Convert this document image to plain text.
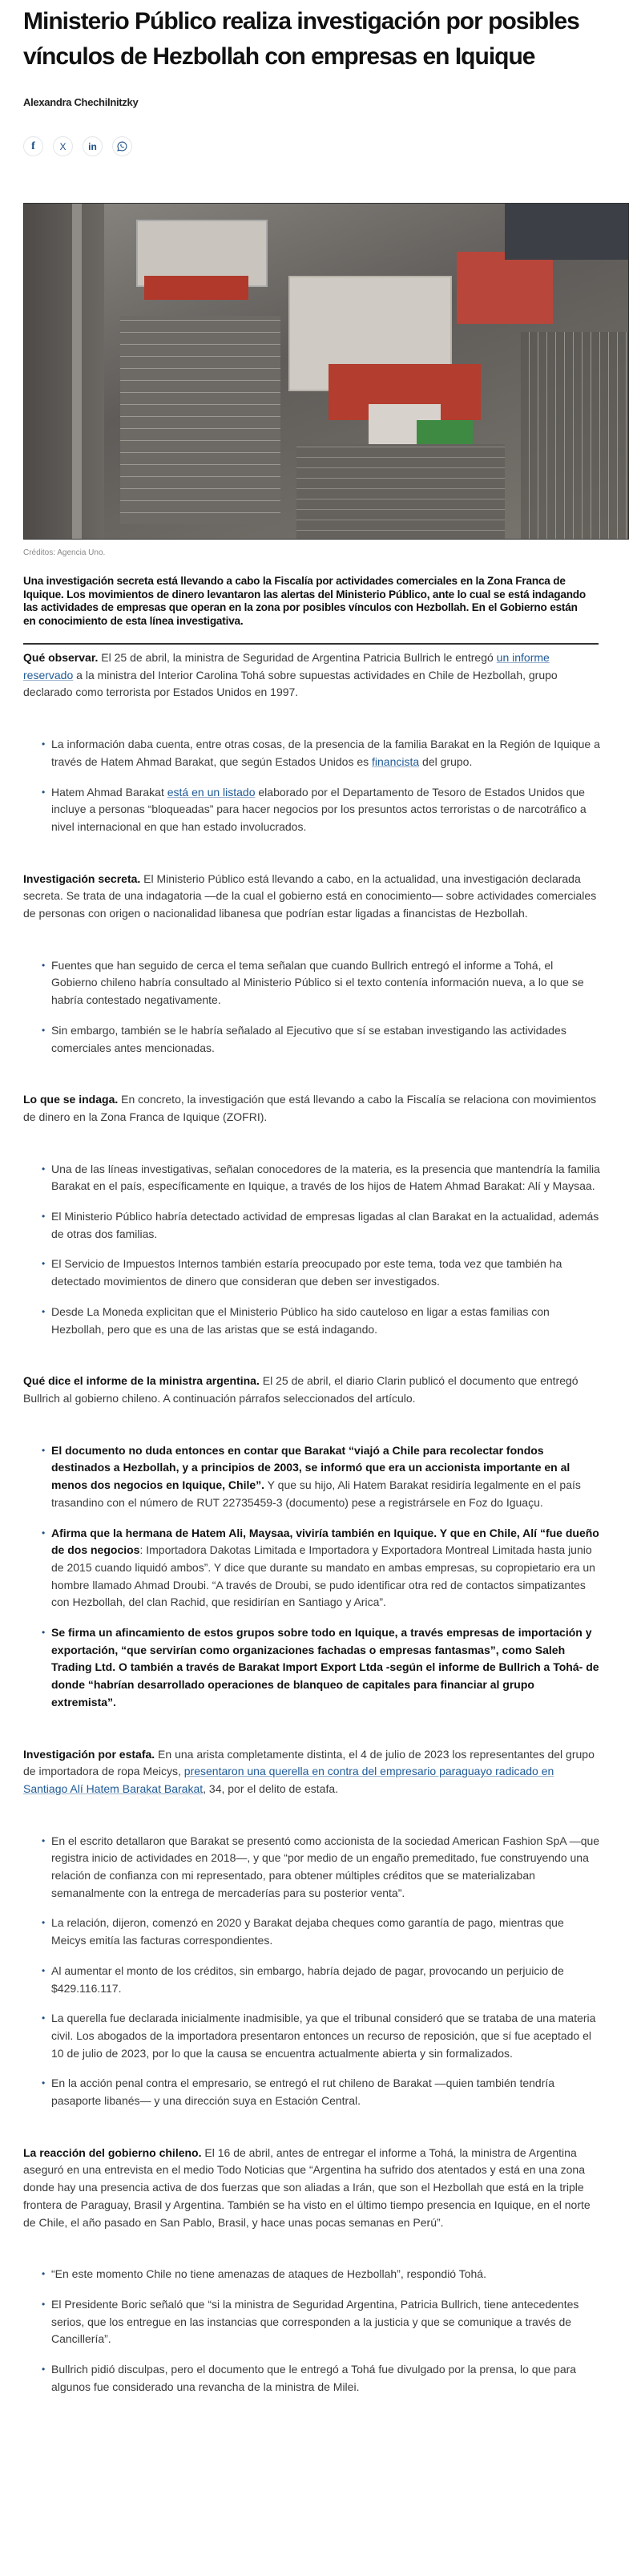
Ministerio Público realiza investigación por posibles vínculos de Hezbollah con empresas en Iquique
Alexandra Chechilnitzky
f	X in
Créditos: Agencia Uno.
Una investigación secreta está llevando a cabo la Fiscalía por actividades comerciales en la Zona Franca de Iquique. Los movimientos de dinero levantaron las alertas del Ministerio Público, ante lo cual se está indagando las actividades de empresas que operan en la zona por posibles vínculos con Hezbollah. En el Gobierno están en conocimiento de esta línea investigativa.

Qué observar. El 25 de abril, la ministra de Seguridad de Argentina Patricia Bullrich le entregó un informe reservado a la ministra del Interior Carolina Tohá sobre supuestas actividades en Chile de Hezbollah, grupo declarado como terrorista por Estados Unidos en 1997.

• La información daba cuenta, entre otras cosas, de la presencia de la familia Barakat en la Región de Iquique a través de Hatem Ahmad Barakat, que según Estados Unidos es financista del grupo.
• Hatem Ahmad Barakat está en un listado elaborado por el Departamento de Tesoro de Estados Unidos que incluye a personas “bloqueadas” para hacer negocios por los presuntos actos terroristas o de narcotráfico a nivel internacional en que han estado involucrados.

Investigación secreta. El Ministerio Público está llevando a cabo, en la actualidad, una investigación declarada secreta. Se trata de una indagatoria —de la cual el gobierno está en conocimiento— sobre actividades comerciales de personas con origen o nacionalidad libanesa que podrían estar ligadas a financistas de Hezbollah.

• Fuentes que han seguido de cerca el tema señalan que cuando Bullrich entregó el informe a Tohá, el Gobierno chileno habría consultado al Ministerio Público si el texto contenía información nueva, a lo que se habría contestado negativamente.
• Sin embargo, también se le habría señalado al Ejecutivo que sí se estaban investigando las actividades comerciales antes mencionadas.

Lo que se indaga. En concreto, la investigación que está llevando a cabo la Fiscalía se relaciona con movimientos de dinero en la Zona Franca de Iquique (ZOFRI).

• Una de las líneas investigativas, señalan conocedores de la materia, es la presencia que mantendría la familia Barakat en el país, específicamente en Iquique, a través de los hijos de Hatem Ahmad Barakat: Alí y Maysaa.
• El Ministerio Público habría detectado actividad de empresas ligadas al clan Barakat en la actualidad, además de otras dos familias.
• El Servicio de Impuestos Internos también estaría preocupado por este tema, toda vez que también ha detectado movimientos de dinero que consideran que deben ser investigados.
• Desde La Moneda explicitan que el Ministerio Público ha sido cauteloso en ligar a estas familias con Hezbollah, pero que es una de las aristas que se está indagando.

Qué dice el informe de la ministra argentina. El 25 de abril, el diario Clarin publicó el documento que entregó Bullrich al gobierno chileno. A continuación párrafos seleccionados del artículo.

• El documento no duda entonces en contar que Barakat “viajó a Chile para recolectar fondos destinados a Hezbollah, y a principios de 2003, se informó que era un accionista importante en al menos dos negocios en Iquique, Chile”. Y que su hijo, Ali Hatem Barakat residiría legalmente en el país trasandino con el número de RUT 22735459-3 (documento) pese a registrársele en Foz do Iguaçu.
• Afirma que la hermana de Hatem Ali, Maysaa, viviría también en Iquique. Y que en Chile, Alí “fue dueño de dos negocios: Importadora Dakotas Limitada e Importadora y Exportadora Montreal Limitada hasta junio de 2015 cuando liquidó ambos”. Y dice que durante su mandato en ambas empresas, su copropietario era un hombre llamado Ahmad Droubi. “A través de Droubi, se pudo identificar otra red de contactos simpatizantes con Hezbollah, del clan Rachid, que residirían en Santiago y Arica”.
• Se firma un afincamiento de estos grupos sobre todo en Iquique, a través empresas de importación y exportación, “que servirían como organizaciones fachadas o empresas fantasmas”, como Saleh Trading Ltd. O también a través de Barakat Import Export Ltda -según el informe de Bullrich a Tohá- de donde “habrían desarrollado operaciones de blanqueo de capitales para financiar al grupo extremista”.

Investigación por estafa. En una arista completamente distinta, el 4 de julio de 2023 los representantes del grupo de importadora de ropa Meicys, presentaron una querella en contra del empresario paraguayo radicado en Santiago Alí Hatem Barakat Barakat, 34, por el delito de estafa.

• En el escrito detallaron que Barakat se presentó como accionista de la sociedad American Fashion SpA —que registra inicio de actividades en 2018—, y que “por medio de un engaño premeditado, fue construyendo una relación de confianza con mi representado, para obtener múltiples créditos que se materializaban semanalmente con la entrega de mercaderías para su posterior venta”.
• La relación, dijeron, comenzó en 2020 y Barakat dejaba cheques como garantía de pago, mientras que Meicys emitía las facturas correspondientes.
• Al aumentar el monto de los créditos, sin embargo, habría dejado de pagar, provocando un perjuicio de $429.116.117.
• La querella fue declarada inicialmente inadmisible, ya que el tribunal consideró que se trataba de una materia civil. Los abogados de la importadora presentaron entonces un recurso de reposición, que sí fue aceptado el 10 de julio de 2023, por lo que la causa se encuentra actualmente abierta y sin formalizados.
• En la acción penal contra el empresario, se entregó el rut chileno de Barakat —quien también tendría pasaporte libanés— y una dirección suya en Estación Central.

La reacción del gobierno chileno. El 16 de abril, antes de entregar el informe a Tohá, la ministra de Argentina aseguró en una entrevista en el medio Todo Noticias que “Argentina ha sufrido dos atentados y está en una zona donde hay una presencia activa de dos fuerzas que son aliadas a Irán, que son el Hezbollah que está en la triple frontera de Paraguay, Brasil y Argentina. También se ha visto en el último tiempo presencia en Iquique, en el norte de Chile, el año pasado en San Pablo, Brasil, y hace unas pocas semanas en Perú”.

• “En este momento Chile no tiene amenazas de ataques de Hezbollah”, respondió Tohá.
• El Presidente Boric señaló que “si la ministra de Seguridad Argentina, Patricia Bullrich, tiene antecedentes serios, que los entregue en las instancias que corresponden a la justicia y que se comunique a través de Cancillería”.
• Bullrich pidió disculpas, pero el documento que le entregó a Tohá fue divulgado por la prensa, lo que para algunos fue considerado una revancha de la ministra de Milei.
